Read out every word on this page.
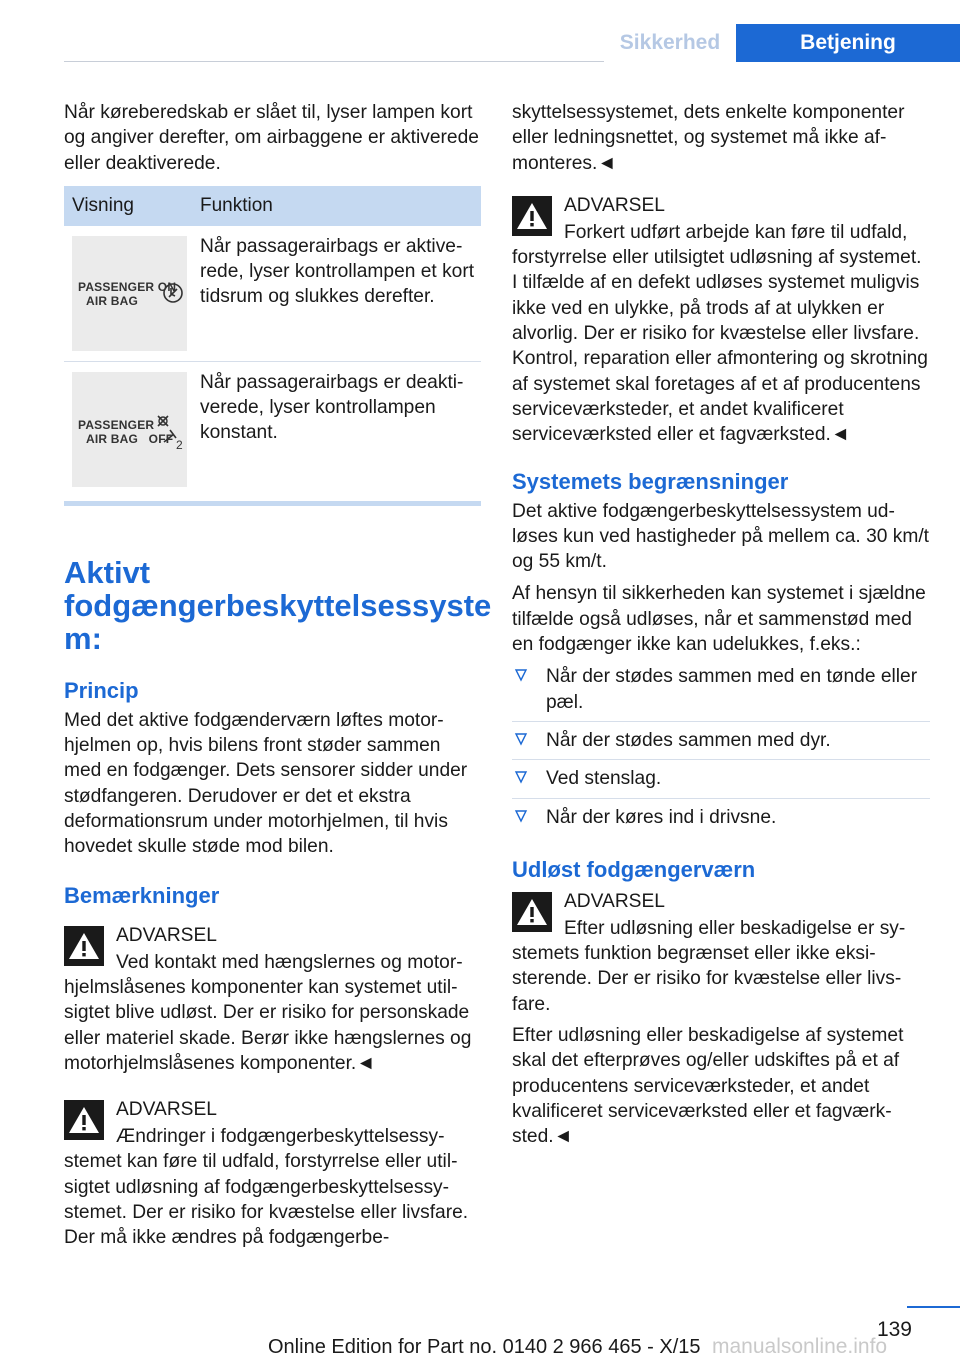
Sikkerhed	Betjening

Når køreberedskab er slået til, lyser lampen kort og angiver derefter, om airbaggene er aktiverede eller deaktiverede.

Visning	Funktion

PASSENGER ON
AIR BAG	Når passagerairbags er aktiverede, lyser kontrollampen et kort tidsrum og slukkes derefter.

PASSENGER
AIR BAG   OFF 2	Når passagerairbags er deaktiverede, lyser kontrollampen konstant.
Aktivt fodgængerbeskyttelsessyste m:
Princip

Med det aktive fodgænderværn løftes motorhjelmen op, hvis bilens front støder sammen med en fodgænger. Dets sensorer sidder under stødfangeren. Derudover er det et ekstra deformationsrum under motorhjelmen, til hvis hovedet skulle støde mod bilen.

Bemærkninger
ADVARSEL

Ved kontakt med hængslernes og motorhjelmslåsenes komponenter kan systemet utilsigtet blive udløst. Der er risiko for personskade eller materiel skade. Berør ikke hængslernes og motorhjelmslåsenes komponenter.◄

ADVARSEL

Ændringer i fodgængerbeskyttelsessystemet kan føre til udfald, forstyrrelse eller utilsigtet udløsning af fodgængerbeskyttelsessystemet. Der er risiko for kvæstelse eller livsfare. Der må ikke ændres på fodgængerbe-

skyttelsessystemet, dets enkelte komponenter eller ledningsnettet, og systemet må ikke afmonteres.◄

ADVARSEL

Forkert udført arbejde kan føre til udfald, forstyrrelse eller utilsigtet udløsning af systemet. I tilfælde af en defekt udløses systemet muligvis ikke ved en ulykke, på trods af at ulykken er alvorlig. Der er risiko for kvæstelse eller livsfare. Kontrol, reparation eller afmontering og skrotning af systemet skal foretages af et af producentens serviceværksteder, et andet kvalificeret serviceværksted eller et fagværksted.◄

Systemets begrænsninger

Det aktive fodgængerbeskyttelsessystem udløses kun ved hastigheder på mellem ca. 30 km/t og 55 km/t.

Af hensyn til sikkerheden kan systemet i sjældne tilfælde også udløses, når et sammenstød med en fodgænger ikke kan udelukkes, f.eks.:

Når der stødes sammen med en tønde eller pæl.
Når der stødes sammen med dyr.
Ved stenslag.
Når der køres ind i drivsne.
Udløst fodgængerværn
ADVARSEL

Efter udløsning eller beskadigelse er systemets funktion begrænset eller ikke eksisterende. Der er risiko for kvæstelse eller livsfare.

Efter udløsning eller beskadigelse af systemet skal det efterprøves og/eller udskiftes på et af producentens serviceværksteder, et andet kvalificeret serviceværksted eller et fagværksted.◄

139
Online Edition for Part no. 0140 2 966 465 - X/15 manualsonline.info
